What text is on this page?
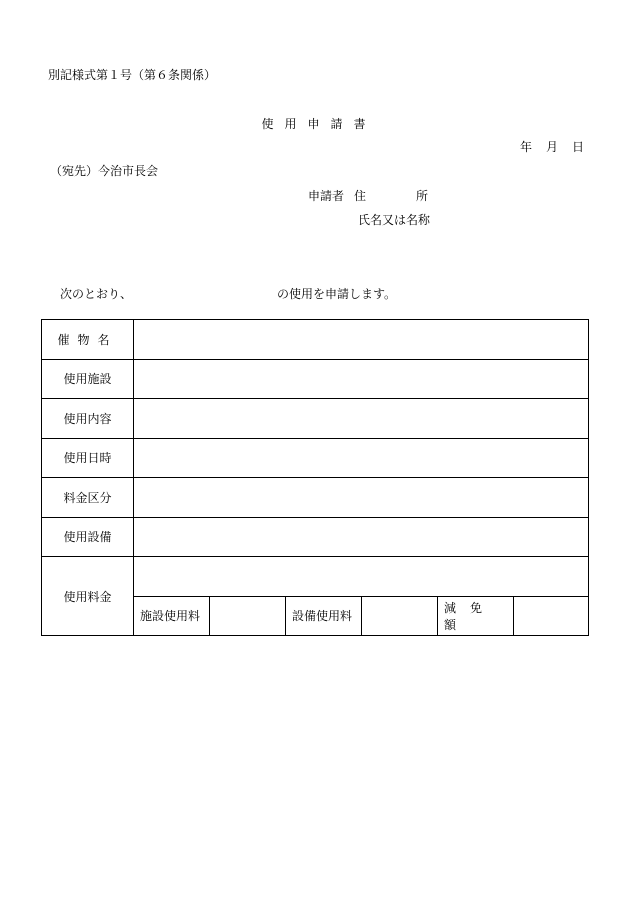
別記様式第１号（第６条関係）
使用申請書
年 月 日
（宛先）今治市長会
申請者 住	所
氏名又は名称
次のとおり、	の使用を申請します。
催物名						
使用施設						
使用内容						
使用日時						
料金区分						
使用設備						
使用料金						
	施設使用料		設備使用料		減免額	
